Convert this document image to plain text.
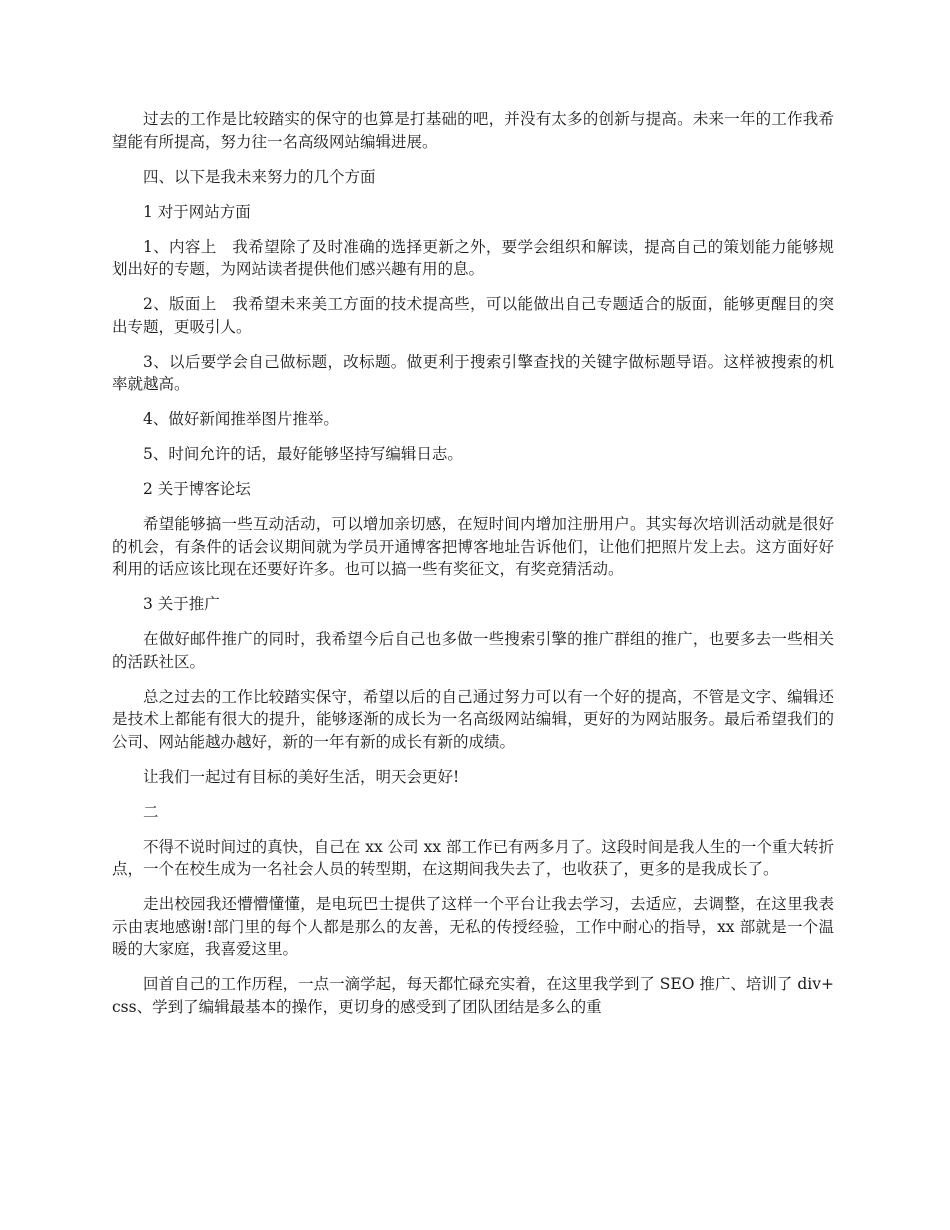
过去的工作是比较踏实的保守的也算是打基础的吧，并没有太多的创新与提高。未来一年的工作我希望能有所提高，努力往一名高级网站编辑进展。

四、以下是我未来努力的几个方面

1 对于网站方面

1、内容上　我希望除了及时准确的选择更新之外，要学会组织和解读，提高自己的策划能力能够规划出好的专题，为网站读者提供他们感兴趣有用的息。

2、版面上　我希望未来美工方面的技术提高些，可以能做出自己专题适合的版面，能够更醒目的突出专题，更吸引人。

3、以后要学会自己做标题，改标题。做更利于搜索引擎查找的关键字做标题导语。这样被搜索的机率就越高。

4、做好新闻推举图片推举。

5、时间允许的话，最好能够坚持写编辑日志。

2 关于博客论坛

希望能够搞一些互动活动，可以增加亲切感，在短时间内增加注册用户。其实每次培训活动就是很好的机会，有条件的话会议期间就为学员开通博客把博客地址告诉他们，让他们把照片发上去。这方面好好利用的话应该比现在还要好许多。也可以搞一些有奖征文，有奖竞猜活动。

3 关于推广

在做好邮件推广的同时，我希望今后自己也多做一些搜索引擎的推广群组的推广，也要多去一些相关的活跃社区。

总之过去的工作比较踏实保守，希望以后的自己通过努力可以有一个好的提高，不管是文字、编辑还是技术上都能有很大的提升，能够逐渐的成长为一名高级网站编辑，更好的为网站服务。最后希望我们的公司、网站能越办越好，新的一年有新的成长有新的成绩。

让我们一起过有目标的美好生活，明天会更好!

二

不得不说时间过的真快，自己在 xx 公司 xx 部工作已有两多月了。这段时间是我人生的一个重大转折点，一个在校生成为一名社会人员的转型期，在这期间我失去了，也收获了，更多的是我成长了。

走出校园我还懵懵懂懂，是电玩巴士提供了这样一个平台让我去学习，去适应，去调整，在这里我表示由衷地感谢!部门里的每个人都是那么的友善，无私的传授经验，工作中耐心的指导，xx 部就是一个温暖的大家庭，我喜爱这里。

回首自己的工作历程，一点一滴学起，每天都忙碌充实着，在这里我学到了 SEO 推广、培训了 div+css、学到了编辑最基本的操作，更切身的感受到了团队团结是多么的重
